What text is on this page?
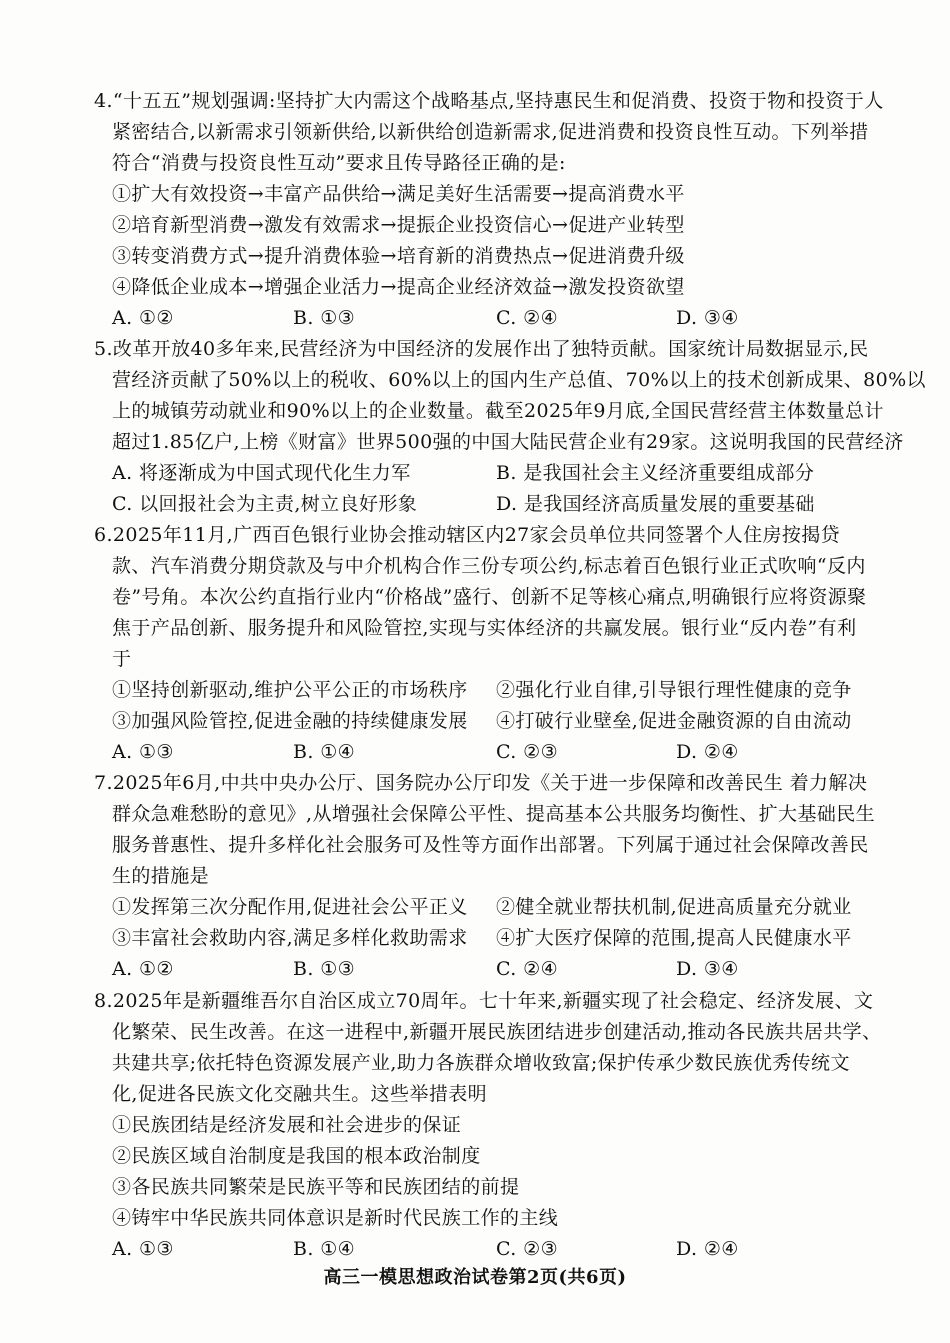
4.“十五五”规划强调:坚持扩大内需这个战略基点,坚持惠民生和促消费、投资于物和投资于人
紧密结合,以新需求引领新供给,以新供给创造新需求,促进消费和投资良性互动。下列举措
符合“消费与投资良性互动”要求且传导路径正确的是:
①扩大有效投资→丰富产品供给→满足美好生活需要→提高消费水平
②培育新型消费→激发有效需求→提振企业投资信心→促进产业转型
③转变消费方式→提升消费体验→培育新的消费热点→促进消费升级
④降低企业成本→增强企业活力→提高企业经济效益→激发投资欲望
A. ①②	B. ①③	C. ②④	D. ③④
5.改革开放40多年来,民营经济为中国经济的发展作出了独特贡献。国家统计局数据显示,民
营经济贡献了50%以上的税收、60%以上的国内生产总值、70%以上的技术创新成果、80%以
上的城镇劳动就业和90%以上的企业数量。截至2025年9月底,全国民营经营主体数量总计
超过1.85亿户,上榜《财富》世界500强的中国大陆民营企业有29家。这说明我国的民营经济
A. 将逐渐成为中国式现代化生力军	B. 是我国社会主义经济重要组成部分
C. 以回报社会为主责,树立良好形象	D. 是我国经济高质量发展的重要基础
6.2025年11月,广西百色银行业协会推动辖区内27家会员单位共同签署个人住房按揭贷
款、汽车消费分期贷款及与中介机构合作三份专项公约,标志着百色银行业正式吹响“反内
卷”号角。本次公约直指行业内“价格战”盛行、创新不足等核心痛点,明确银行应将资源聚
焦于产品创新、服务提升和风险管控,实现与实体经济的共赢发展。银行业“反内卷”有利
于
①坚持创新驱动,维护公平公正的市场秩序 ②强化行业自律,引导银行理性健康的竞争
③加强风险管控,促进金融的持续健康发展 ④打破行业壁垒,促进金融资源的自由流动
A. ①③	B. ①④	C. ②③	D. ②④
7.2025年6月,中共中央办公厅、国务院办公厅印发《关于进一步保障和改善民生 着力解决
群众急难愁盼的意见》,从增强社会保障公平性、提高基本公共服务均衡性、扩大基础民生
服务普惠性、提升多样化社会服务可及性等方面作出部署。下列属于通过社会保障改善民
生的措施是
①发挥第三次分配作用,促进社会公平正义 ②健全就业帮扶机制,促进高质量充分就业
③丰富社会救助内容,满足多样化救助需求 ④扩大医疗保障的范围,提高人民健康水平
A. ①②	B. ①③	C. ②④	D. ③④
8.2025年是新疆维吾尔自治区成立70周年。七十年来,新疆实现了社会稳定、经济发展、文
化繁荣、民生改善。在这一进程中,新疆开展民族团结进步创建活动,推动各民族共居共学、
共建共享;依托特色资源发展产业,助力各族群众增收致富;保护传承少数民族优秀传统文
化,促进各民族文化交融共生。这些举措表明
①民族团结是经济发展和社会进步的保证
②民族区域自治制度是我国的根本政治制度
③各民族共同繁荣是民族平等和民族团结的前提
④铸牢中华民族共同体意识是新时代民族工作的主线
A. ①③	B. ①④	C. ②③	D. ②④
高三一模思想政治试卷第2页(共6页)
